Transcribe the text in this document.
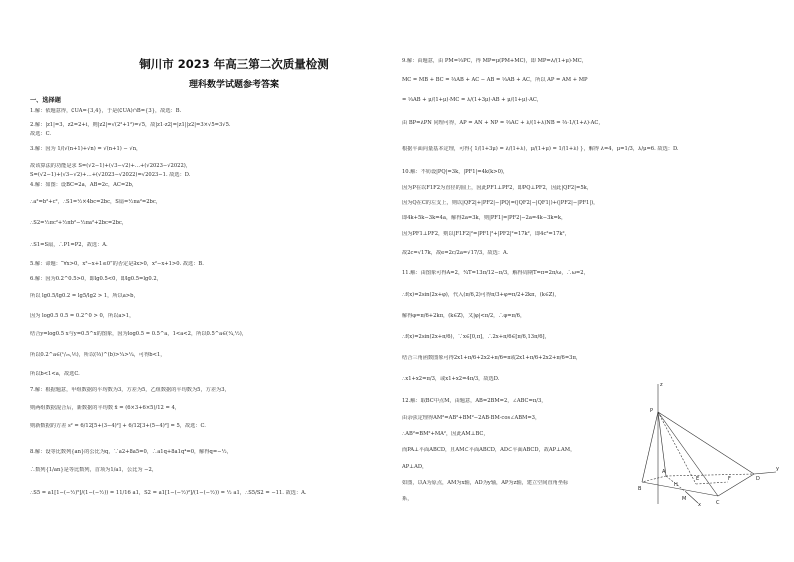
铜川市 2023 年高三第二次质量检测
理科数学试题参考答案
一、选择题
1.解：依题意得，∁UA={3,4}，于是(∁UA)∩B={3}，故选：B.
2.解：|z1|=3，z2=2+i，则|z2|=√(2²+1²)=√5，故|z1·z2|=|z1||z2|=3×√5=3√5.
故选：C.
3.解：因为 1/(√(n+1)+√n) = √(n+1) − √n，
故该算法的功能是求 S=(√2−1)+(√3−√2)+…+(√2023−√2022)，
S=(√2−1)+(√3−√2)+…+(√2023−√2022)=√2023−1. 故选：D.
4.解：如图：设BC=2a，AB=2c，AC=2b，
∴a²=b²+c²，∴S1=½×4bc=2bc，S扇=½πa²=2bc，
∴S2=½πc²+½πb²−½πa²+2bc=2bc，
∴S1=S扇，∴P1=P2，故选：A.
5.解：命题：“∀x>0，x²−x+1≤0”的否定是∃x>0，x²−x+1>0. 故选：B.
6.解：因为0.2^0.5>0，即lg0.5<0，即lg0.5=lg0.2，
所以 lg0.5/lg0.2 = lg5/lg2 > 1，所以a>b，
因为 log0.5 0.5 = 0.2^0 > 0，所以a>1，
结合y=log0.5 x与y=0.5^x的图象，因为log0.5 = 0.5^a，1<a<2，所以0.5^a∈(¼,½)，
所以0.2^a∈(¹/₂₅,⅕)，所以(⅔)^(b)>¼>¼，可得b<1，
所以b<1<a，故选C.
7.解：根据题意，甲组数据的平均数为3，方差为5，乙组数据的平均数为5，方差为3，
则两组数据混合后，新数据的平均数 x̄ = (6×3+6×5)/12 = 4，
则新数据的方差 s² = 6/12[5+(3−4)²] + 6/12[3+(5−4)²] = 5，故选：C.
8.解：设等比数列{an}的公比为q，∵a2+8a5=0，∴a1q+8a1q⁴=0，解得q=−½，
∴数列{1/an}是等比数列，首项为1/a1，公比为 −2，
∴S5 = a1[1−(−½)⁵]/(1−(−½)) = 11/16 a1，S2 = a1[1−(−½)²]/(1−(−½)) = ½ a1，∴S5/S2 = −11. 故选：A.
9.解：由题意，由 PM=⅓PC，得 MP=μ(PM+MC)，即 MP=λ/(1+μ)·MC，
MC = MB + BC = ⅔AB + AC − AB = ⅓AB + AC，所以 AP = AM + MP
= ⅓AB + μ/(1+μ)·MC = λ/(1+3μ)·AB + μ/(1+μ)·AC，
由 BP=λPN 同理可得，AP = AN + NP = ⅔AC + λ/(1+λ)NB = ⅔·1/(1+λ)·AC，
根据平面向量基本定理，可得{ 1/(1+3μ) = λ/(1+λ)，μ/(1+μ) = 1/(1+λ) }，解得 λ=4，μ=1/3，λ/μ=6. 故选：D.
10.解：不妨设|PQ|=3k，|PF1|=4k(k>0)，
因为P在以F1F2为直径的圆上，因此PF1⊥PF2，即PQ⊥PF2，因此|QF2|=5k，
因为Q在C的左支上，则以|QF2|+|PF2|−|PQ|=(|QF2|−|QF1|)+(|PF2|−|PF1|)，
即4k+5k−3k=4a，解得2a=3k，则|PF1|=|PF2|−2a=4k−3k=k，
因为PF1⊥PF2，则以|F1F2|²=|PF1|²+|PF2|²=17k²，即4c²=17k²，
故2c=√17k，故e=2c/2a=√17/3，故选：A.
11.解：由图象可得A=2，¾T=13π/12−π/3，解得周期T=π=2π/ω，∴ω=2，
∴f(x)=2sin(2x+φ)，代入(π/6,2)可得π/3+φ=π/2+2kπ，(k∈Z)，
解得φ=π/6+2kπ，(k∈Z)，又|φ|<π/2，∴φ=π/6，
∴f(x)=2sin(2x+π/6)，∵x∈[0,π]，∴2x+π/6∈[π/6,13π/6]，
结合三角函数图象可得2x1+π/6+2x2+π/6=π或2x1+π/6+2x2+π/6=3π，
∴x1+x2=π/3，或x1+x2=4π/3，故选D.
12.解：取BC中点M，由题意，AB=2BM=2，∠ABC=π/3，
由余弦定理得AM²=AB²+BM²−2AB·BM·cos∠ABM=3，
∴AB²=BM²+MA²，因此AM⊥BC，
而PA⊥平面ABCD，且AM⊂平面ABCD，AD⊂平面ABCD，故AP⊥AM，
AP⊥AD，
如图，以A为原点，AM为x轴，AD为y轴，AP为z轴，建立空间直角坐标
系，
z
P
A
B
M
C
D
E	F
H
x
y
